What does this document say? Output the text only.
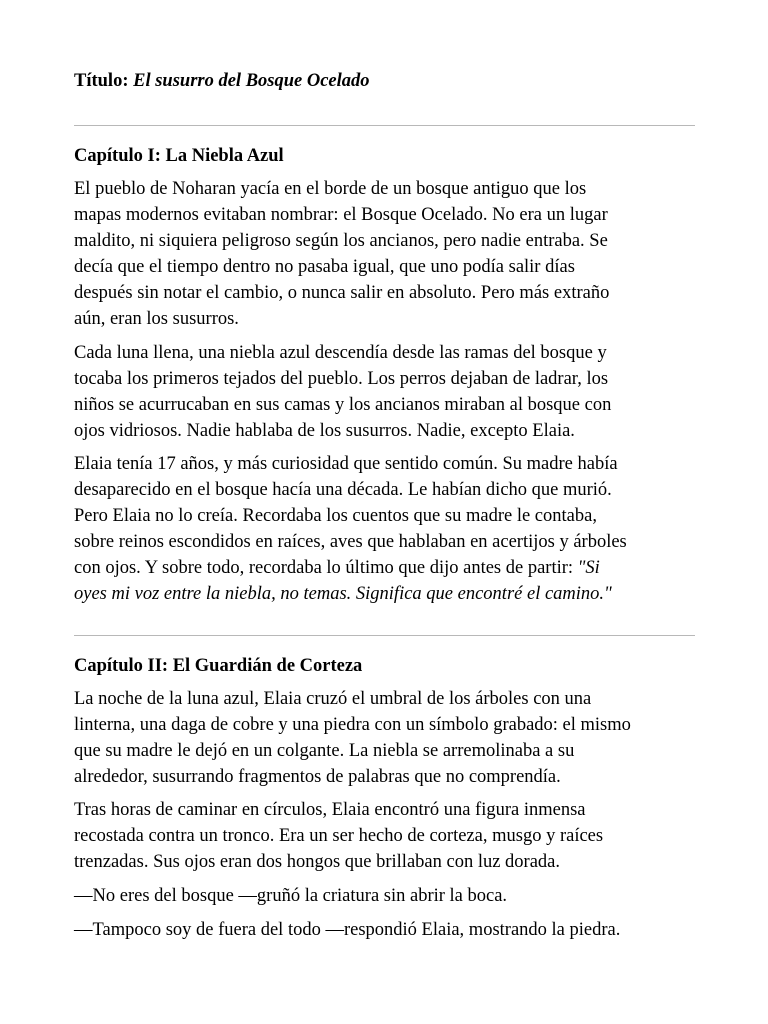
Título: El susurro del Bosque Ocelado
Capítulo I: La Niebla Azul
El pueblo de Noharan yacía en el borde de un bosque antiguo que los
mapas modernos evitaban nombrar: el Bosque Ocelado. No era un lugar
maldito, ni siquiera peligroso según los ancianos, pero nadie entraba. Se
decía que el tiempo dentro no pasaba igual, que uno podía salir días
después sin notar el cambio, o nunca salir en absoluto. Pero más extraño
aún, eran los susurros.
Cada luna llena, una niebla azul descendía desde las ramas del bosque y
tocaba los primeros tejados del pueblo. Los perros dejaban de ladrar, los
niños se acurrucaban en sus camas y los ancianos miraban al bosque con
ojos vidriosos. Nadie hablaba de los susurros. Nadie, excepto Elaia.
Elaia tenía 17 años, y más curiosidad que sentido común. Su madre había
desaparecido en el bosque hacía una década. Le habían dicho que murió.
Pero Elaia no lo creía. Recordaba los cuentos que su madre le contaba,
sobre reinos escondidos en raíces, aves que hablaban en acertijos y árboles
con ojos. Y sobre todo, recordaba lo último que dijo antes de partir: "Si
oyes mi voz entre la niebla, no temas. Significa que encontré el camino."
Capítulo II: El Guardián de Corteza
La noche de la luna azul, Elaia cruzó el umbral de los árboles con una
linterna, una daga de cobre y una piedra con un símbolo grabado: el mismo
que su madre le dejó en un colgante. La niebla se arremolinaba a su
alrededor, susurrando fragmentos de palabras que no comprendía.
Tras horas de caminar en círculos, Elaia encontró una figura inmensa
recostada contra un tronco. Era un ser hecho de corteza, musgo y raíces
trenzadas. Sus ojos eran dos hongos que brillaban con luz dorada.
—No eres del bosque —gruñó la criatura sin abrir la boca.
—Tampoco soy de fuera del todo —respondió Elaia, mostrando la piedra.
